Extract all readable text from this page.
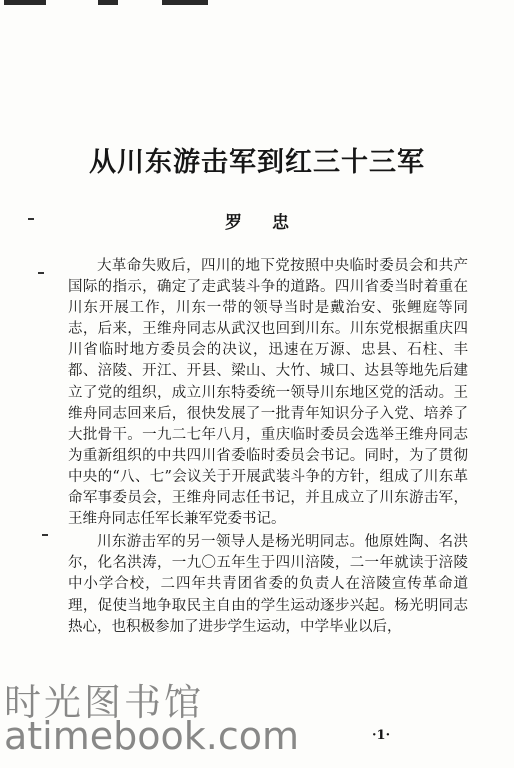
从川东游击军到红三十三军
罗 忠

大革命失败后，四川的地下党按照中央临时委员会和共产国际的指示，确定了走武装斗争的道路。四川省委当时着重在川东开展工作，川东一带的领导当时是戴治安、张鲤庭等同志，后来，王维舟同志从武汉也回到川东。川东党根据重庆四川省临时地方委员会的决议，迅速在万源、忠县、石柱、丰都、涪陵、开江、开县、梁山、大竹、城口、达县等地先后建立了党的组织，成立川东特委统一领导川东地区党的活动。王维舟同志回来后，很快发展了一批青年知识分子入党、培养了大批骨干。一九二七年八月，重庆临时委员会选举王维舟同志为重新组织的中共四川省委临时委员会书记。同时，为了贯彻中央的“八、七”会议关于开展武装斗争的方针，组成了川东革命军事委员会，王维舟同志任书记，并且成立了川东游击军，王维舟同志任军长兼军党委书记。

川东游击军的另一领导人是杨光明同志。他原姓陶、名洪尔，化名洪涛，一九〇五年生于四川涪陵，二一年就读于涪陵中小学合校，二四年共青团省委的负责人在涪陵宣传革命道理，促使当地争取民主自由的学生运动逐步兴起。杨光明同志热心，也积极参加了进步学生运动，中学毕业以后，

·1·
时光图书馆
atimebook.com
